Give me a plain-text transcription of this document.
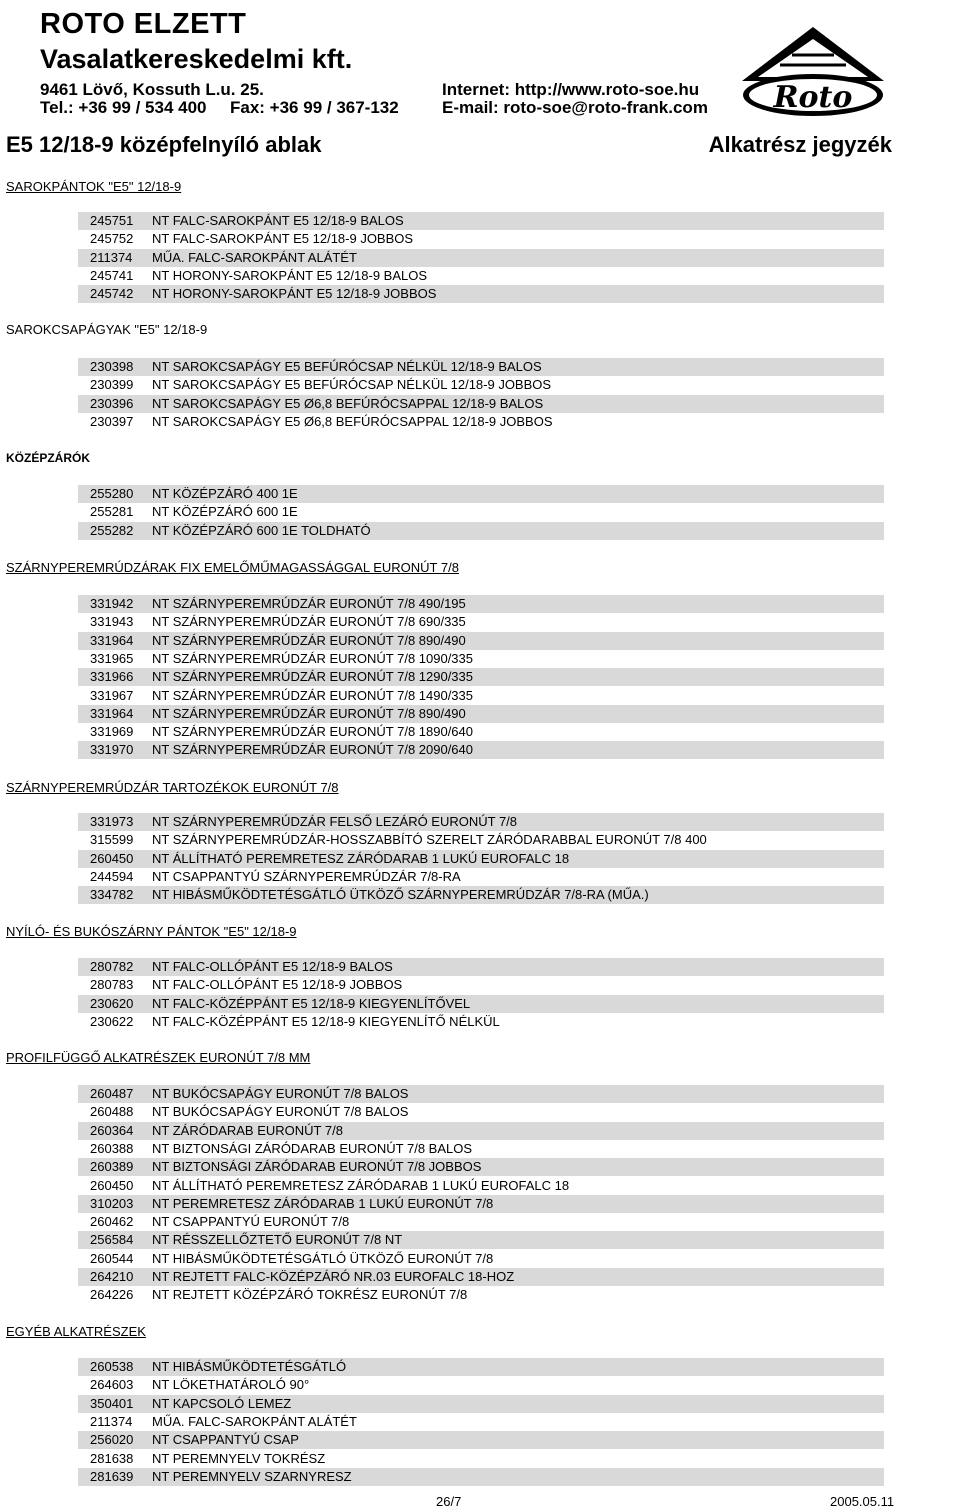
ROTO ELZETT
Vasalatkereskedelmi kft.
9461 Lövő, Kossuth L.u. 25.
Tel.: +36 99 / 534 400 Fax: +36 99 / 367-132
Internet: http://www.roto-soe.hu
E-mail: roto-soe@roto-frank.com Roto
E5 12/18-9 középfelnyíló ablak	Alkatrész jegyzék
SAROKPÁNTOK "E5" 12/18-9
245751 NT FALC-SAROKPÁNT E5 12/18-9 BALOS
245752 NT FALC-SAROKPÁNT E5 12/18-9 JOBBOS
211374 MŰA. FALC-SAROKPÁNT ALÁTÉT
245741 NT HORONY-SAROKPÁNT E5 12/18-9 BALOS
245742 NT HORONY-SAROKPÁNT E5 12/18-9 JOBBOS
SAROKCSAPÁGYAK "E5" 12/18-9
230398 NT SAROKCSAPÁGY E5 BEFÚRÓCSAP NÉLKÜL 12/18-9 BALOS
230399 NT SAROKCSAPÁGY E5 BEFÚRÓCSAP NÉLKÜL 12/18-9 JOBBOS
230396 NT SAROKCSAPÁGY E5 Ø6,8 BEFÚRÓCSAPPAL 12/18-9 BALOS
230397 NT SAROKCSAPÁGY E5 Ø6,8 BEFÚRÓCSAPPAL 12/18-9 JOBBOS
KÖZÉPZÁRÓK
255280 NT KÖZÉPZÁRÓ 400 1E
255281 NT KÖZÉPZÁRÓ 600 1E
255282 NT KÖZÉPZÁRÓ 600 1E TOLDHATÓ
SZÁRNYPEREMRÚDZÁRAK FIX EMELŐMŰMAGASSÁGGAL EURONÚT 7/8
331942 NT SZÁRNYPEREMRÚDZÁR EURONÚT 7/8 490/195
331943 NT SZÁRNYPEREMRÚDZÁR EURONÚT 7/8 690/335
331964 NT SZÁRNYPEREMRÚDZÁR EURONÚT 7/8 890/490
331965 NT SZÁRNYPEREMRÚDZÁR EURONÚT 7/8 1090/335
331966 NT SZÁRNYPEREMRÚDZÁR EURONÚT 7/8 1290/335
331967 NT SZÁRNYPEREMRÚDZÁR EURONÚT 7/8 1490/335
331964 NT SZÁRNYPEREMRÚDZÁR EURONÚT 7/8 890/490
331969 NT SZÁRNYPEREMRÚDZÁR EURONÚT 7/8 1890/640
331970 NT SZÁRNYPEREMRÚDZÁR EURONÚT 7/8 2090/640
SZÁRNYPEREMRÚDZÁR TARTOZÉKOK EURONÚT 7/8
331973 NT SZÁRNYPEREMRÚDZÁR FELSŐ LEZÁRÓ EURONÚT 7/8
315599 NT SZÁRNYPEREMRÚDZÁR-HOSSZABBÍTÓ SZERELT ZÁRÓDARABBAL EURONÚT 7/8 400
260450 NT ÁLLÍTHATÓ PEREMRETESZ ZÁRÓDARAB 1 LUKÚ EUROFALC 18
244594 NT CSAPPANTYÚ SZÁRNYPEREMRÚDZÁR 7/8-RA
334782 NT HIBÁSMŰKÖDTETÉSGÁTLÓ ÜTKÖZŐ SZÁRNYPEREMRÚDZÁR 7/8-RA (MŰA.)
NYÍLÓ- ÉS BUKÓSZÁRNY PÁNTOK "E5" 12/18-9
280782 NT FALC-OLLÓPÁNT E5 12/18-9 BALOS
280783 NT FALC-OLLÓPÁNT E5 12/18-9 JOBBOS
230620 NT FALC-KÖZÉPPÁNT E5 12/18-9 KIEGYENLÍTŐVEL
230622 NT FALC-KÖZÉPPÁNT E5 12/18-9 KIEGYENLÍTŐ NÉLKÜL
PROFILFÜGGŐ ALKATRÉSZEK EURONÚT 7/8 MM
260487 NT BUKÓCSAPÁGY EURONÚT 7/8 BALOS
260488 NT BUKÓCSAPÁGY EURONÚT 7/8 BALOS
260364 NT ZÁRÓDARAB EURONÚT 7/8
260388 NT BIZTONSÁGI ZÁRÓDARAB EURONÚT 7/8 BALOS
260389 NT BIZTONSÁGI ZÁRÓDARAB EURONÚT 7/8 JOBBOS
260450 NT ÁLLÍTHATÓ PEREMRETESZ ZÁRÓDARAB 1 LUKÚ EUROFALC 18
310203 NT PEREMRETESZ ZÁRÓDARAB 1 LUKÚ EURONÚT 7/8
260462 NT CSAPPANTYÚ EURONÚT 7/8
256584 NT RÉSSZELLŐZTETŐ EURONÚT 7/8 NT
260544 NT HIBÁSMŰKÖDTETÉSGÁTLÓ ÜTKÖZŐ EURONÚT 7/8
264210 NT REJTETT FALC-KÖZÉPZÁRÓ NR.03 EUROFALC 18-HOZ
264226 NT REJTETT KÖZÉPZÁRÓ TOKRÉSZ EURONÚT 7/8
EGYÉB ALKATRÉSZEK
260538 NT HIBÁSMŰKÖDTETÉSGÁTLÓ
264603 NT LÖKETHATÁROLÓ 90°
350401 NT KAPCSOLÓ LEMEZ
211374 MŰA. FALC-SAROKPÁNT ALÁTÉT
256020 NT CSAPPANTYÚ CSAP
281638 NT PEREMNYELV TOKRÉSZ
281639 NT PEREMNYELV SZARNYRESZ
26/7	2005.05.11
